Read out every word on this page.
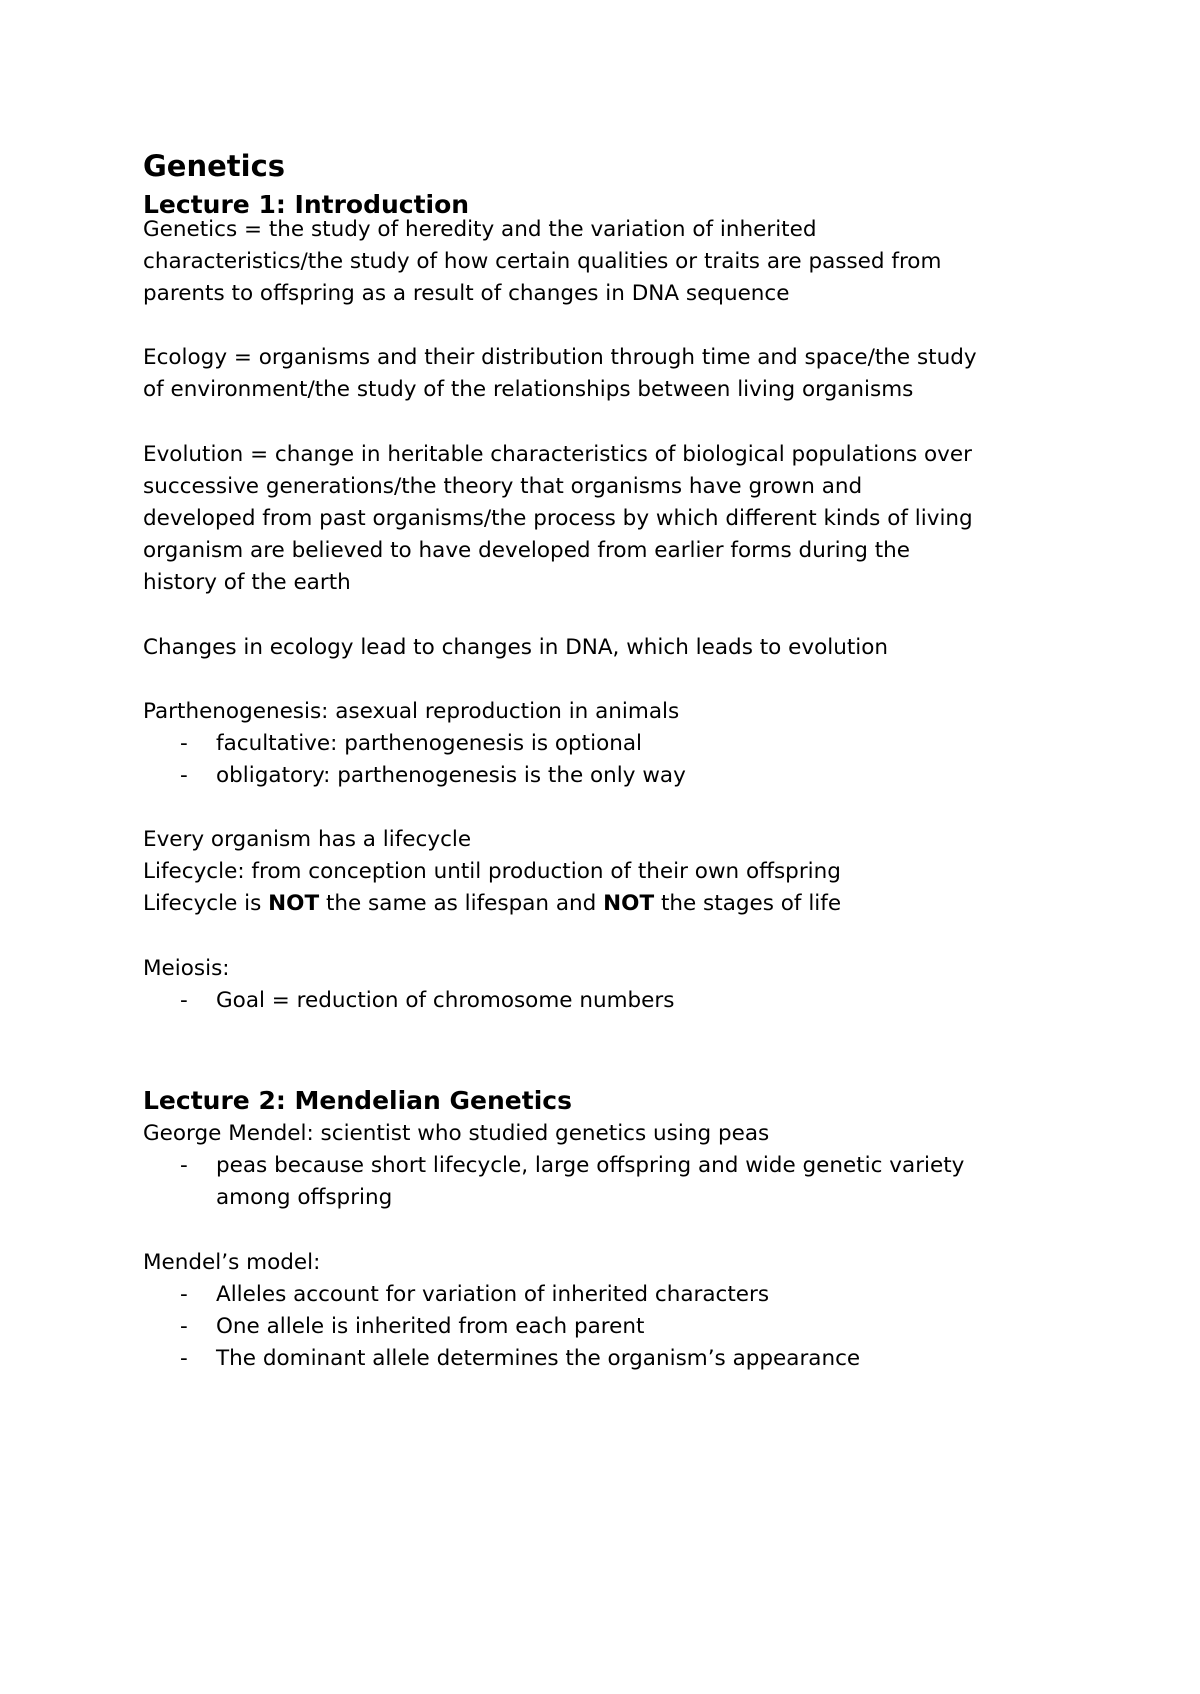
Genetics
Lecture 1: Introduction

Genetics = the study of heredity and the variation of inherited

characteristics/the study of how certain qualities or traits are passed from

parents to offspring as a result of changes in DNA sequence

Ecology = organisms and their distribution through time and space/the study

of environment/the study of the relationships between living organisms

Evolution = change in heritable characteristics of biological populations over

successive generations/the theory that organisms have grown and

developed from past organisms/the process by which different kinds of living

organism are believed to have developed from earlier forms during the

history of the earth

Changes in ecology lead to changes in DNA, which leads to evolution

Parthenogenesis: asexual reproduction in animals

- facultative: parthenogenesis is optional
- obligatory: parthenogenesis is the only way

Every organism has a lifecycle

Lifecycle: from conception until production of their own offspring

Lifecycle is NOT the same as lifespan and NOT the stages of life

Meiosis:

- Goal = reduction of chromosome numbers
Lecture 2: Mendelian Genetics

George Mendel: scientist who studied genetics using peas

- peas because short lifecycle, large offspring and wide genetic variety
among offspring

Mendel’s model:

- Alleles account for variation of inherited characters
- One allele is inherited from each parent
- The dominant allele determines the organism’s appearance
